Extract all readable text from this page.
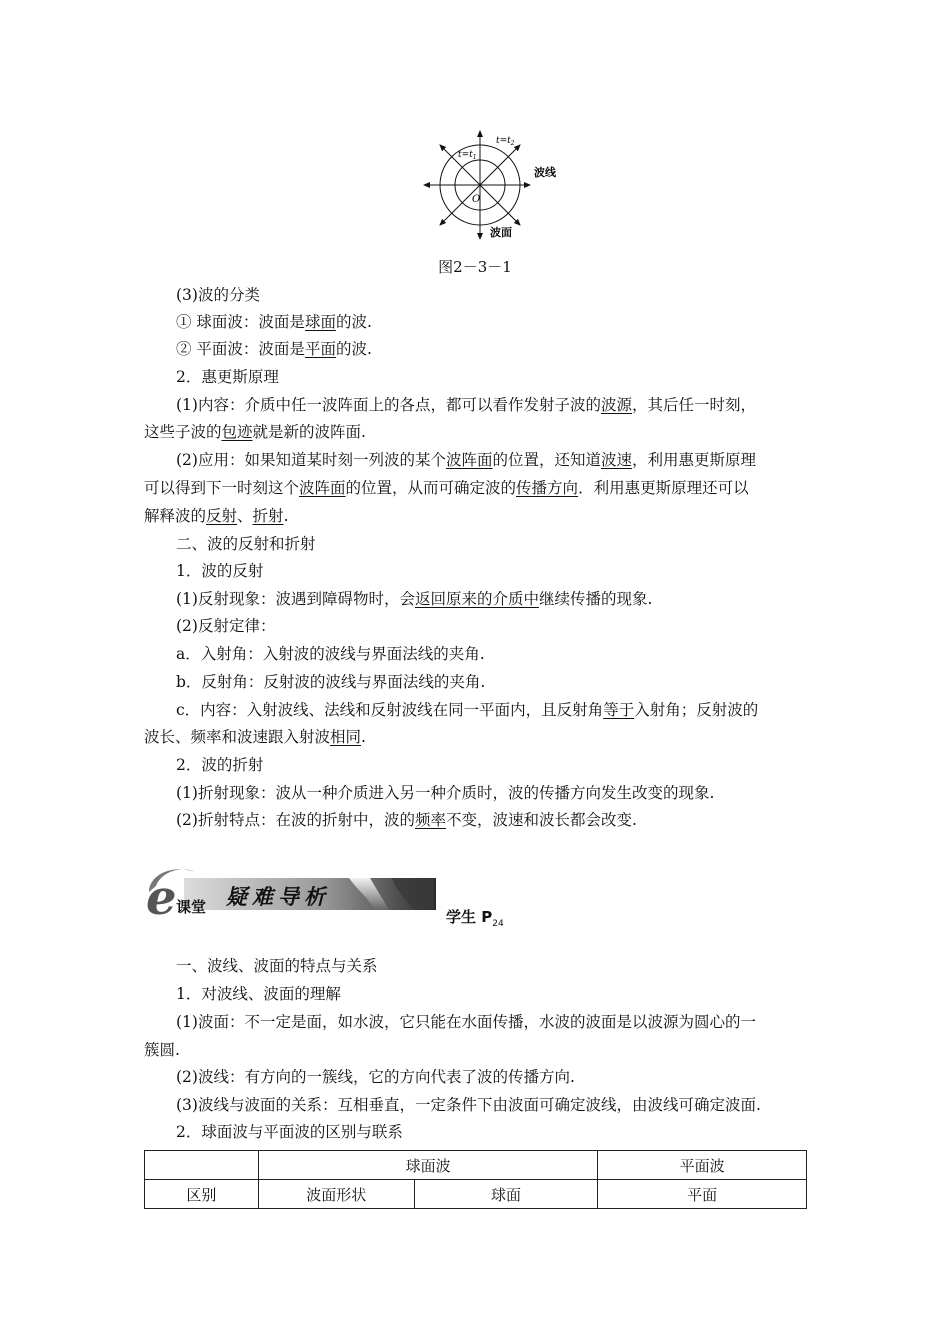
$t=t_1$
$t=t_2$
波线
波面
O
图2－3－1
(3)波的分类
① 球面波：波面是球面的波.
② 平面波：波面是平面的波.
2．惠更斯原理
(1)内容：介质中任一波阵面上的各点，都可以看作发射子波的波源，其后任一时刻，
这些子波的包迹就是新的波阵面.
(2)应用：如果知道某时刻一列波的某个波阵面的位置，还知道波速，利用惠更斯原理
可以得到下一时刻这个波阵面的位置，从而可确定波的传播方向．利用惠更斯原理还可以
解释波的反射、折射.
二、波的反射和折射
1．波的反射
(1)反射现象：波遇到障碍物时，会返回原来的介质中继续传播的现象.
(2)反射定律：
a．入射角：入射波的波线与界面法线的夹角.
b．反射角：反射波的波线与界面法线的夹角.
c．内容：入射波线、法线和反射波线在同一平面内，且反射角等于入射角；反射波的
波长、频率和波速跟入射波相同.
2．波的折射
(1)折射现象：波从一种介质进入另一种介质时，波的传播方向发生改变的现象.
(2)折射特点：在波的折射中，波的频率不变，波速和波长都会改变.
e 课堂 疑难导析
学生 $P_{24}$
一、波线、波面的特点与关系
1．对波线、波面的理解
(1)波面：不一定是面，如水波，它只能在水面传播，水波的波面是以波源为圆心的一
簇圆.
(2)波线：有方向的一簇线，它的方向代表了波的传播方向.
(3)波线与波面的关系：互相垂直，一定条件下由波面可确定波线，由波线可确定波面.
2．球面波与平面波的区别与联系
	球面波		平面波
区别	波面形状	球面	平面
